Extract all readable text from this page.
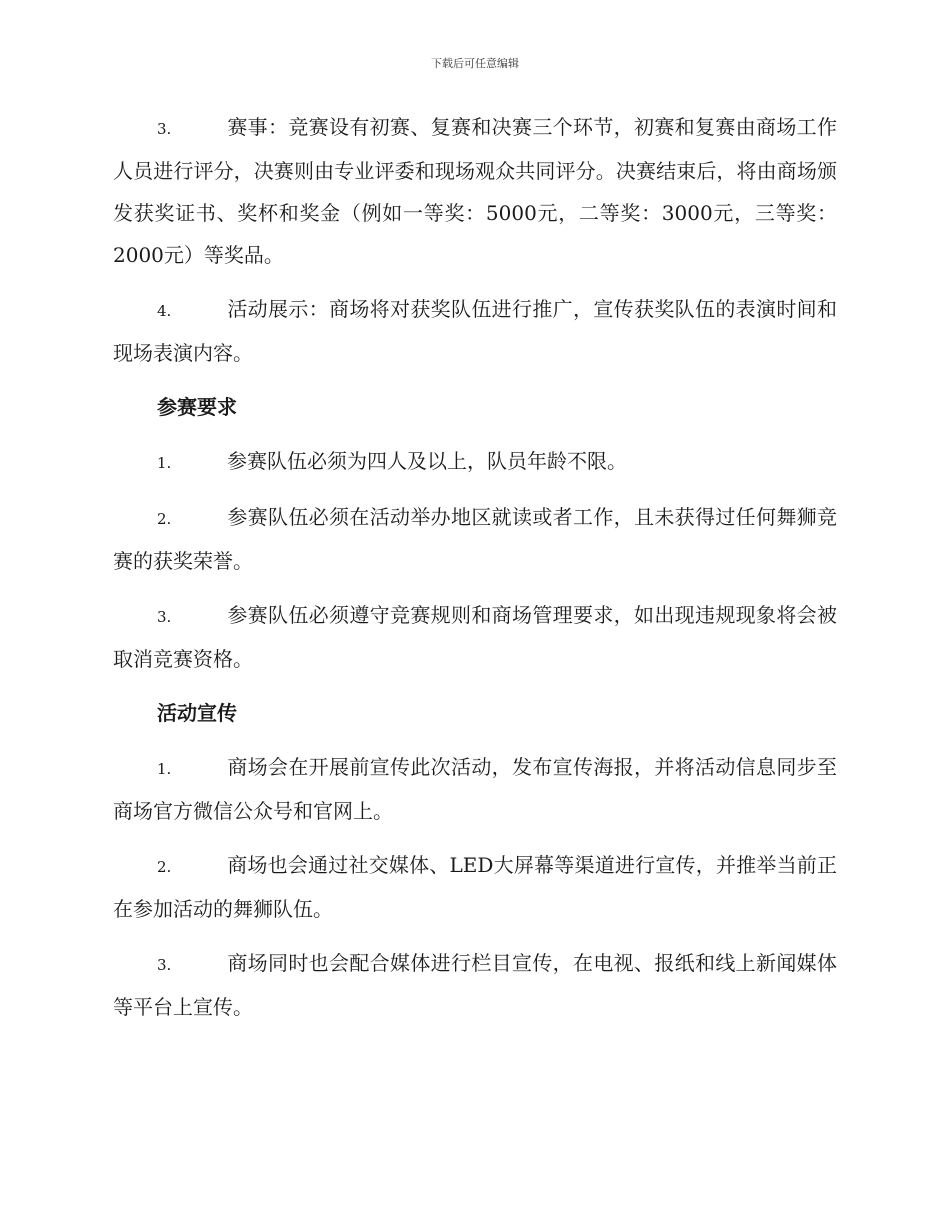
下载后可任意编辑

3.	赛事：竞赛设有初赛、复赛和决赛三个环节，初赛和复赛由商场工作人员进行评分，决赛则由专业评委和现场观众共同评分。决赛结束后，将由商场颁发获奖证书、奖杯和奖金（例如一等奖：5000元，二等奖：3000元，三等奖：2000元）等奖品。

4.	活动展示：商场将对获奖队伍进行推广，宣传获奖队伍的表演时间和现场表演内容。

参赛要求

1.	参赛队伍必须为四人及以上，队员年龄不限。

2.	参赛队伍必须在活动举办地区就读或者工作，且未获得过任何舞狮竞赛的获奖荣誉。

3.	参赛队伍必须遵守竞赛规则和商场管理要求，如出现违规现象将会被取消竞赛资格。

活动宣传

1.	商场会在开展前宣传此次活动，发布宣传海报，并将活动信息同步至商场官方微信公众号和官网上。

2.	商场也会通过社交媒体、LED大屏幕等渠道进行宣传，并推举当前正在参加活动的舞狮队伍。

3.	商场同时也会配合媒体进行栏目宣传，在电视、报纸和线上新闻媒体等平台上宣传。
